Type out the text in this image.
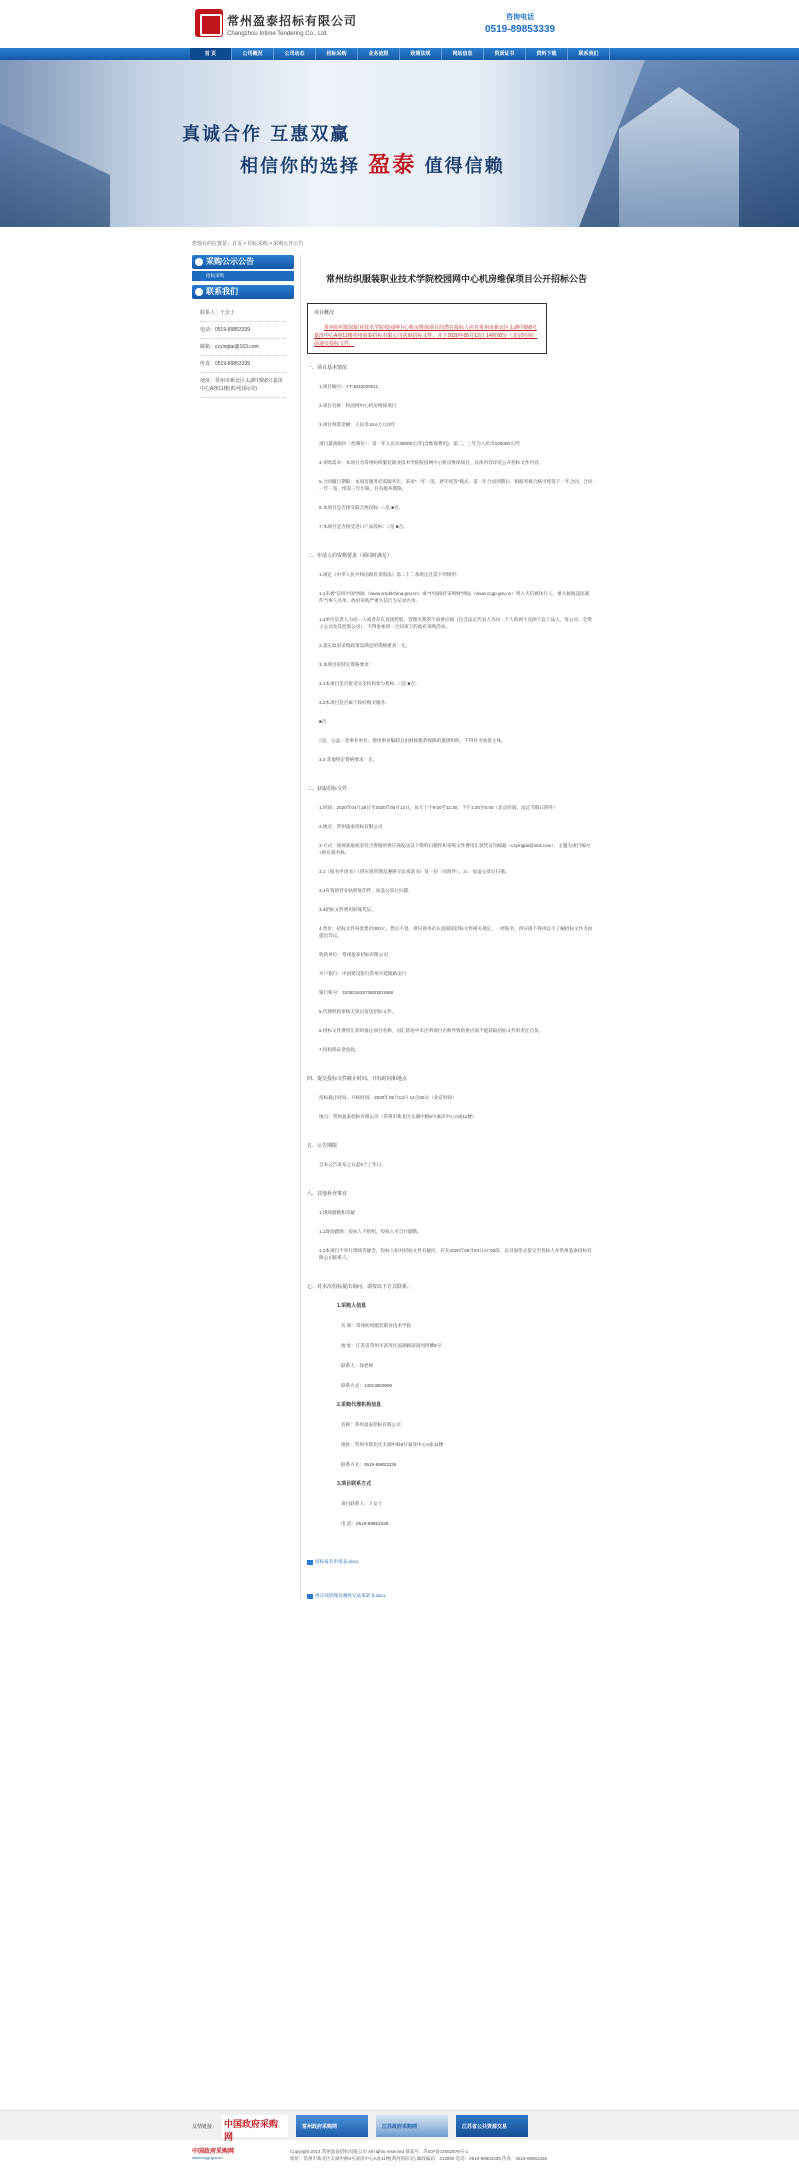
常州盈泰招标有限公司
Changzhou Intime Tendering Co., Ltd.
咨询电话
0519-89853339
首 页	公司概况	公司动态	招标采购	业务流程	政策法规	网站信息	资质证书	资料下载	联系我们
真诚合作 互惠双赢
相信你的选择 盈泰 值得信赖
您现在的位置是：首页 > 招标采购 > 采购公开公告
采购公示公告
招标采购
联系我们
联系人：王女士
电话：0519-89853339
邮箱：czyingtai@163.com
传真：0519-89853339
地址：常州市新北区太湖中路8号嘉泽中心A座11楼(黄河国际旁)
常州纺织服装职业技术学院校园网中心机房维保项目公开招标公告
项目概况
常州纺织服装职业技术学院校园网中心机房维保项目的潜在投标人应在常州市新北区太湖中路8号嘉泽中心A座11楼常州盈泰招标有限公司获取招标文件，并于2020年05月12日 14时00分（北京时间）前递交投标文件。
一、项目基本情况
1.项目编号：YT-3032020011
2.项目名称：校园网中心机房维保项目
3.项目预算金额：人民币19.6万元/3年
项目最高限价（控制价）：第一年人民币35000元/年(含维保费用)；第二、三年为人民币100000元/年
4.采购需求：本项目为常州纺织服装职业技术学院校园网中心机房维保项目，具体内容详见公开招标文件内容。
5.合同履行期限：本项目服务必需服务年，采用"一年一签，逐年续签"模式，第一年合同到期后，根据考核合格可续签下一年合同，合同一年一签，续签三年年限，且有服务期限。
6.本项目是否接受联合体投标：□是 ■否。
7.本项目是否接受进口产品投标：□是 ■否。
二、申请人的资格要求（须同时满足）
1.满足《中华人民共和国政府采购法》第二十二条规定且需下列情形:
1.1未被"信用中国"网站（www.creditchina.gov.cn）或"中国政府采购网"网站（www.ccgp.gov.cn）列入失信被执行人、重大税收违法案件当事人名单、政府采购严重失信行为记录名单。
1.2单位负责人为同一人或者存在直接控股、管理关系的不同供应商（包含法定代表人为同一个人的两个及两个以上法人，母公司、全资子公司及其控股公司），不得参加同一合同项下的政府采购活动。
2.落实政府采购政策需满足的资格要求：无。
3.本项目的特定资格要求：
3.1本项目是否接受分支机构参与投标：□是 ■否；
3.2本项目是否属于政府购买服务：
■否
□是，公益一类事业单位、使用事业编制且由财政拨款保障的群团组织，不得作为承接主体。
3.3 其他特定资格要求：无。
三、获取招标文件
1.时间：2020年04月28日至2020年05月12日，每天上午9:00至11:30，下午1:30至5:00（北京时间，法定节假日除外）
2.地点：常州盈泰招标有限公司
3.方式：现场获取或者符合资格的供应商发送以下资料扫描件和采购文件费用汇款凭证至邮箱（czyingtai@163.com），主题为项目编号+供应商名称。
3.1《报名申请书》《供应商管理及遵规守法承诺书》及一份（见附件），2）、加盖公章后扫描。
3.2有效的营业执照复印件，加盖公章后扫描；
3.3招标文件费用转账凭证。
4.售价：招标文件每套售价300元，售后不退。供应商务必认真阅读招标文件相关规定，一经报名，供应商不得再以不了解招标文件为由提出异议。
收款单位：常州盈泰招标有限公司
开户银行：中国建设银行常州市延陵路支行
银行账号：32050162873600001968
5.代理机构审核无误后发送招标文件。
6.招标文件费用汇款时备注项目名称，因汇款途中未注明项目名称导致的供应商不能获取招标文件的责任自负。
7.招标保证金免收。
四、提交投标文件截止时间、开标时间和地点
投标截止时间、开标时间：2020年05月12日 14点00分（北京时间）
地点：常州盈泰招标有限公司（常州市新北区太湖中路8号嘉泽中心A座11楼）
五、公告期限
自本公告发布之日起5个工作日。
六、其他补充事宜
1.现场踏勘和答疑
1.1现场踏勘：投标人不组织，投标人可自行踏勘。
1.2本项目不举行现场答疑会，投标人如对招标文件有疑问，应在2020年05月04日17:00前，以书面形式提交至投标人并常州盈泰招标有限公司联系人。
七、对本次招标提出询问，请按以下方式联系。
1.采购人信息
名 称：常州纺织服装职业技术学院
地 址：江苏省常州市武进区滆湖路南鸽河西侧5号
联系人：徐老师
联系方式：13813650990
2.采购代理机构信息
名称：常州盈泰招标有限公司
地址：常州市新北区太湖中路8号嘉泽中心A座11楼
联系方式：0519-89853339
3.项目联系方式
项目联系人：王女士
电 话：0519-89853339
招标报名申请表.docx
供应商管理及遵规守法承诺书.docx
友情链接： 中国政府采购网
常州政府采购网	江苏政府采购网	江苏省公共资源交易
中国政府采购网
www.ccgp.gov.cn
Copyright 2014 常州盈泰招标有限公司 All rights reserved 备案号：苏ICP备14052676号-1
地址：常州市新北区太湖中路8号嘉泽中心A座11楼(黄河国际旁) 邮政编码：213000 电话：0519-89853339 传真：0519-89853339
